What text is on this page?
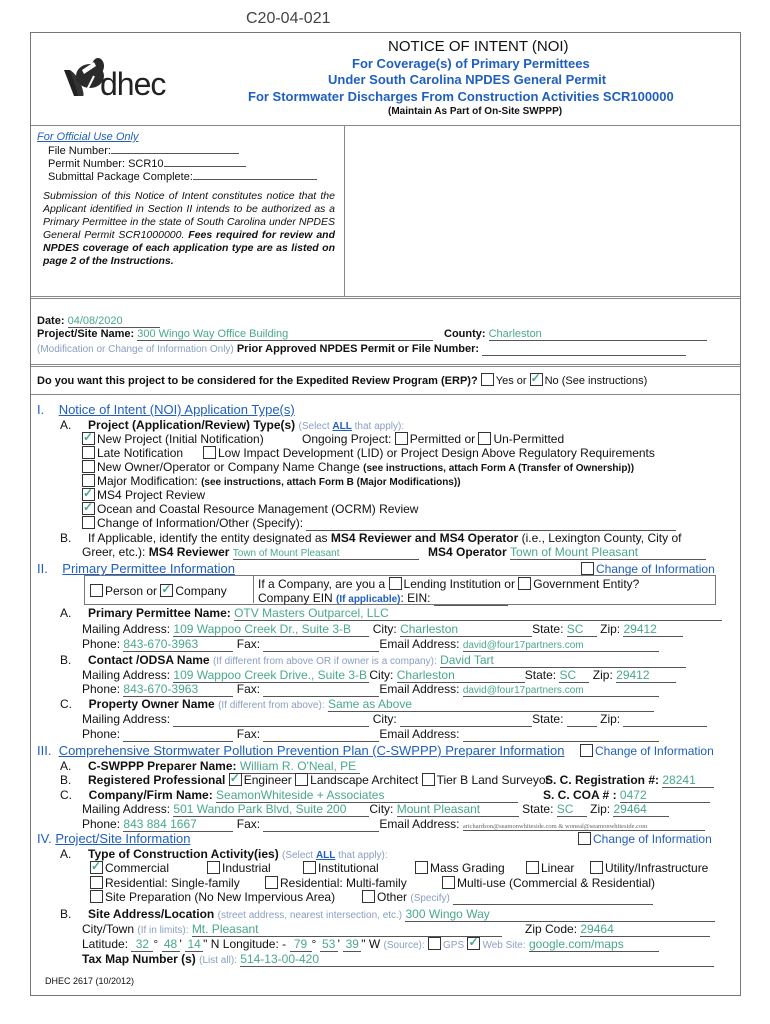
C20-04-021
dhec
NOTICE OF INTENT (NOI)
For Coverage(s) of Primary Permittees
Under South Carolina NPDES General Permit
For Stormwater Discharges From Construction Activities SCR100000
(Maintain As Part of On-Site SWPPP)
For Official Use Only
File Number:
Permit Number: SCR10
Submittal Package Complete:
Submission of this Notice of Intent constitutes notice that the Applicant identified in Section II intends to be authorized as a Primary Permittee in the state of South Carolina under NPDES General Permit SCR1000000. Fees required for review and NPDES coverage of each application type are as listed on page 2 of the Instructions.
Date: 04/08/2020
Project/Site Name: 300 Wingo Way Office Building	County: Charleston
(Modification or Change of Information Only) Prior Approved NPDES Permit or File Number:
Do you want this project to be considered for the Expedited Review Program (ERP)? Yes or ✓ No (See instructions)
I. Notice of Intent (NOI) Application Type(s)
A. Project (Application/Review) Type(s) (Select ALL that apply):
✓New Project (Initial Notification)	Ongoing Project: Permitted or Un-Permitted
Late Notification	Low Impact Development (LID) or Project Design Above Regulatory Requirements
New Owner/Operator or Company Name Change (see instructions, attach Form A (Transfer of Ownership))
Major Modification: (see instructions, attach Form B (Major Modifications))
✓MS4 Project Review
✓Ocean and Coastal Resource Management (OCRM) Review
Change of Information/Other (Specify):
B. If Applicable, identify the entity designated as MS4 Reviewer and MS4 Operator (i.e., Lexington County, City of
Greer, etc.): MS4 Reviewer Town of Mount Pleasant	MS4 Operator Town of Mount Pleasant
II. Primary Permittee Information	Change of Information
Person or ✓ Company	If a Company, are you a Lending Institution or Government Entity?
Company EIN (If applicable): EIN:
A. Primary Permittee Name: OTV Masters Outparcel, LLC
Mailing Address: 109 Wappoo Creek Dr., Suite 3-B City: Charleston	State: SC Zip: 29412
Phone: 843-670-3963	Fax:	Email Address: david@four17partners.com
B. Contact /ODSA Name (If different from above OR if owner is a company): David Tart
Mailing Address: 109 Wappoo Creek Drive., Suite 3-B City: Charleston	State: SC Zip: 29412
Phone: 843-670-3963	Fax:	Email Address: david@four17partners.com
C. Property Owner Name (If different from above): Same as Above
Mailing Address:	City:	State:	Zip:
Phone:	Fax:	Email Address:
III. Comprehensive Stormwater Pollution Prevention Plan (C-SWPPP) Preparer Information	Change of Information
A. C-SWPPP Preparer Name: William R. O'Neal, PE
B. Registered Professional ✓ Engineer Landscape Architect Tier B Land Surveyor
S. C. Registration #: 28241
C. Company/Firm Name: SeamonWhiteside + Associates	S. C. COA # : 0472
Mailing Address: 501 Wando Park Blvd, Suite 200 City: Mount Pleasant	State: SC Zip: 29464
Phone: 843 884 1667	Fax:	Email Address: arichardson@seamonwhiteside.com & woneal@seamonwhiteside.com
IV. Project/Site Information	Change of Information
A. Type of Construction Activity(ies) (Select ALL that apply):
✓Commercial	Industrial	Institutional	Mass Grading	Linear	Utility/Infrastructure
Residential: Single-family	Residential: Multi-family	Multi-use (Commercial & Residential)
Site Preparation (No New Impervious Area)	Other (Specify)
B. Site Address/Location (street address, nearest intersection, etc.) 300 Wingo Way
City/Town (If in limits): Mt. Pleasant	Zip Code: 29464
Latitude: 32 ° 48 ' 14 " N Longitude: - 79 ° 53 ' 39 " W (Source): GPS ✓ Web Site: google.com/maps
Tax Map Number (s) (List all): 514-13-00-420
DHEC 2617 (10/2012)
